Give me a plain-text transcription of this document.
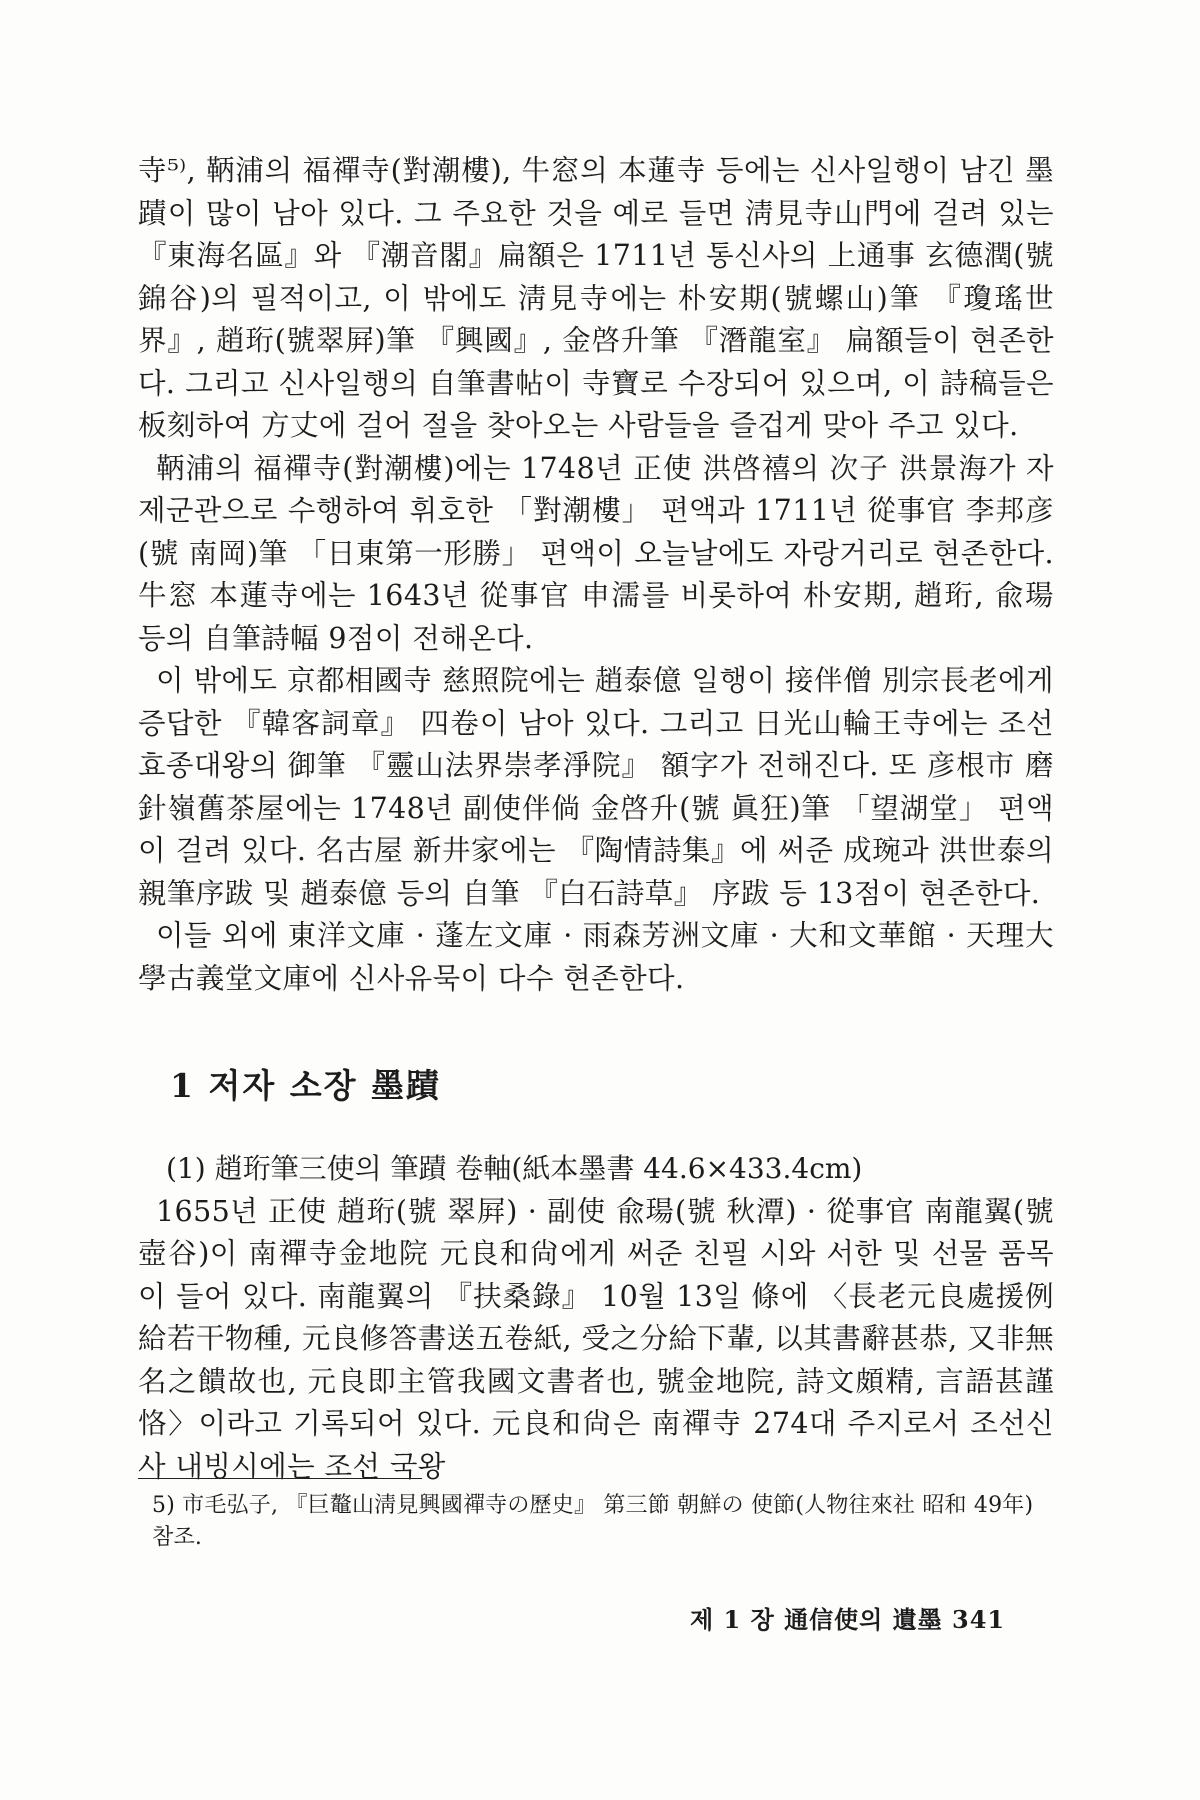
寺⁵⁾, 鞆浦의 福禪寺(對潮樓), 牛窓의 本蓮寺 등에는 신사일행이 남긴 墨蹟이 많이 남아 있다. 그 주요한 것을 예로 들면 淸見寺山門에 걸려 있는 『東海名區』와 『潮音閣』扁額은 1711년 통신사의 上通事 玄德潤(號錦谷)의 필적이고, 이 밖에도 淸見寺에는 朴安期(號螺山)筆 『瓊瑤世界』, 趙珩(號翠屛)筆 『興國』, 金啓升筆 『潛龍室』 扁額들이 현존한다. 그리고 신사일행의 自筆書帖이 寺寶로 수장되어 있으며, 이 詩稿들은 板刻하여 方丈에 걸어 절을 찾아오는 사람들을 즐겁게 맞아 주고 있다.

鞆浦의 福禪寺(對潮樓)에는 1748년 正使 洪啓禧의 次子 洪景海가 자제군관으로 수행하여 휘호한 「對潮樓」 편액과 1711년 從事官 李邦彦(號 南岡)筆 「日東第一形勝」 편액이 오늘날에도 자랑거리로 현존한다. 牛窓 本蓮寺에는 1643년 從事官 申濡를 비롯하여 朴安期, 趙珩, 兪瑒 등의 自筆詩幅 9점이 전해온다.

이 밖에도 京都相國寺 慈照院에는 趙泰億 일행이 接伴僧 別宗長老에게 증답한 『韓客詞章』 四卷이 남아 있다. 그리고 日光山輪王寺에는 조선 효종대왕의 御筆 『靈山法界崇孝淨院』 額字가 전해진다. 또 彦根市 磨針嶺舊茶屋에는 1748년 副使伴倘 金啓升(號 眞狂)筆 「望湖堂」 편액이 걸려 있다. 名古屋 新井家에는 『陶情詩集』에 써준 成琬과 洪世泰의 親筆序跋 및 趙泰億 등의 自筆 『白石詩草』 序跋 등 13점이 현존한다.

이들 외에 東洋文庫 · 蓬左文庫 · 雨森芳洲文庫 · 大和文華館 · 天理大學古義堂文庫에 신사유묵이 다수 현존한다.

1 저자 소장 墨蹟

(1) 趙珩筆三使의 筆蹟 卷軸(紙本墨書 44.6×433.4cm)

1655년 正使 趙珩(號 翠屛) · 副使 兪瑒(號 秋潭) · 從事官 南龍翼(號 壺谷)이 南禪寺金地院 元良和尙에게 써준 친필 시와 서한 및 선물 품목이 들어 있다. 南龍翼의 『扶桑錄』 10월 13일 條에 〈長老元良處援例給若干物種, 元良修答書送五卷紙, 受之分給下輩, 以其書辭甚恭, 又非無名之饋故也, 元良即主管我國文書者也, 號金地院, 詩文頗精, 言語甚謹恪〉이라고 기록되어 있다. 元良和尙은 南禪寺 274대 주지로서 조선신사 내빙시에는 조선 국왕

5) 市毛弘子, 『巨鼇山淸見興國禪寺の歷史』 第三節 朝鮮の 使節(人物往來社 昭和 49年) 참조.

제 1 장 通信使의 遺墨 341
